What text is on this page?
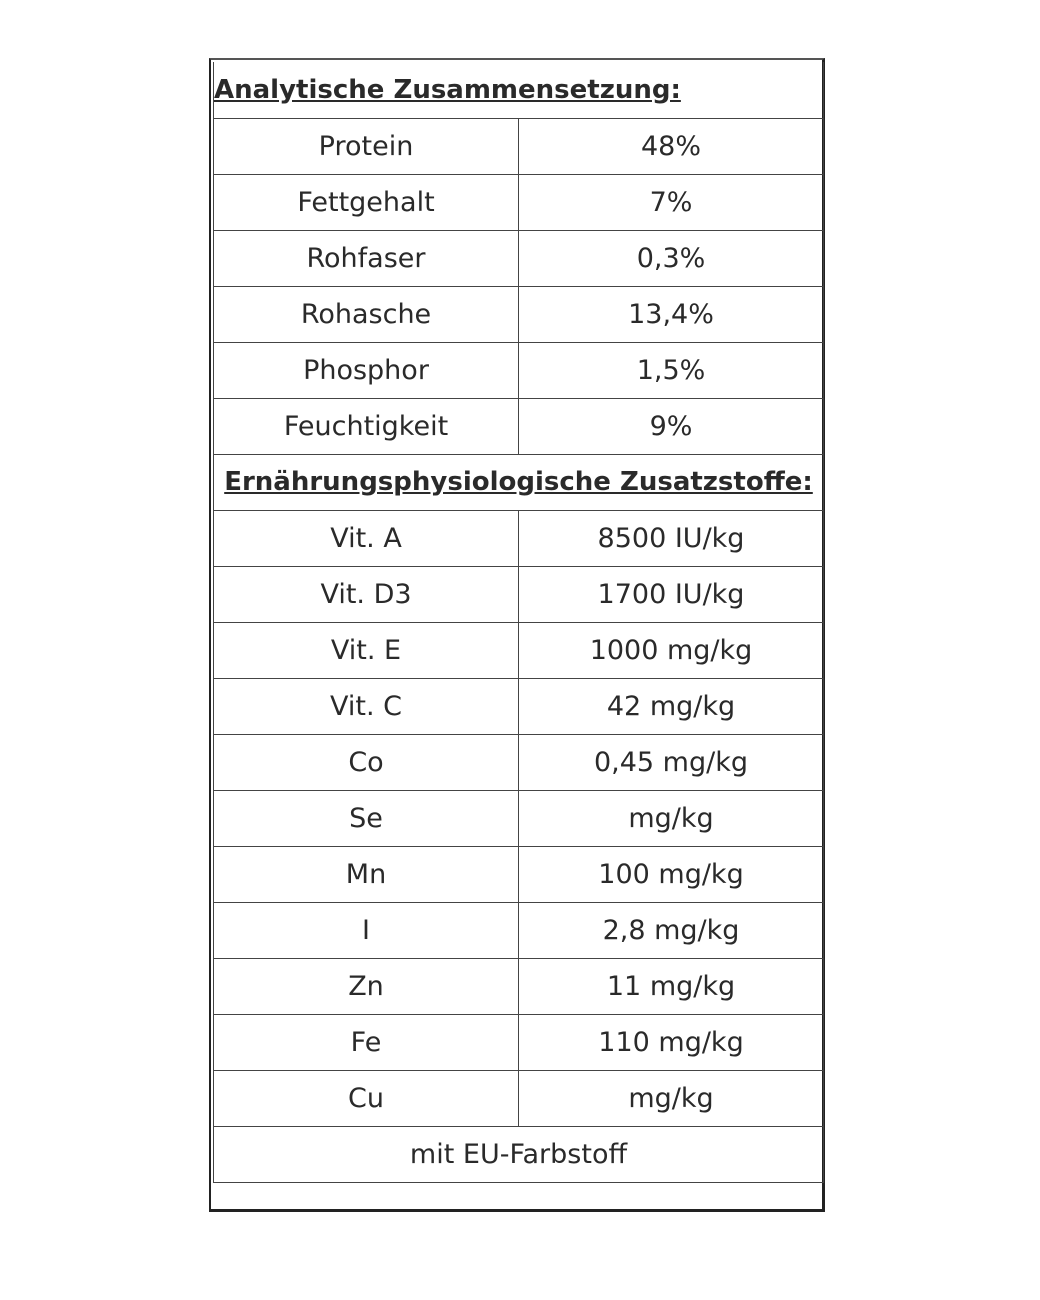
Analytische Zusammensetzung:	
Protein	48%
Fettgehalt	7%
Rohfaser	0,3%
Rohasche	13,4%
Phosphor	1,5%
Feuchtigkeit	9%
Ernährungsphysiologische Zusatzstoffe:	
Vit. A	8500 IU/kg
Vit. D3	1700 IU/kg
Vit. E	1000 mg/kg
Vit. C	42 mg/kg
Co	0,45 mg/kg
Se	mg/kg
Mn	100 mg/kg
I	2,8 mg/kg
Zn	11 mg/kg
Fe	110 mg/kg
Cu	mg/kg
mit EU-Farbstoff	
